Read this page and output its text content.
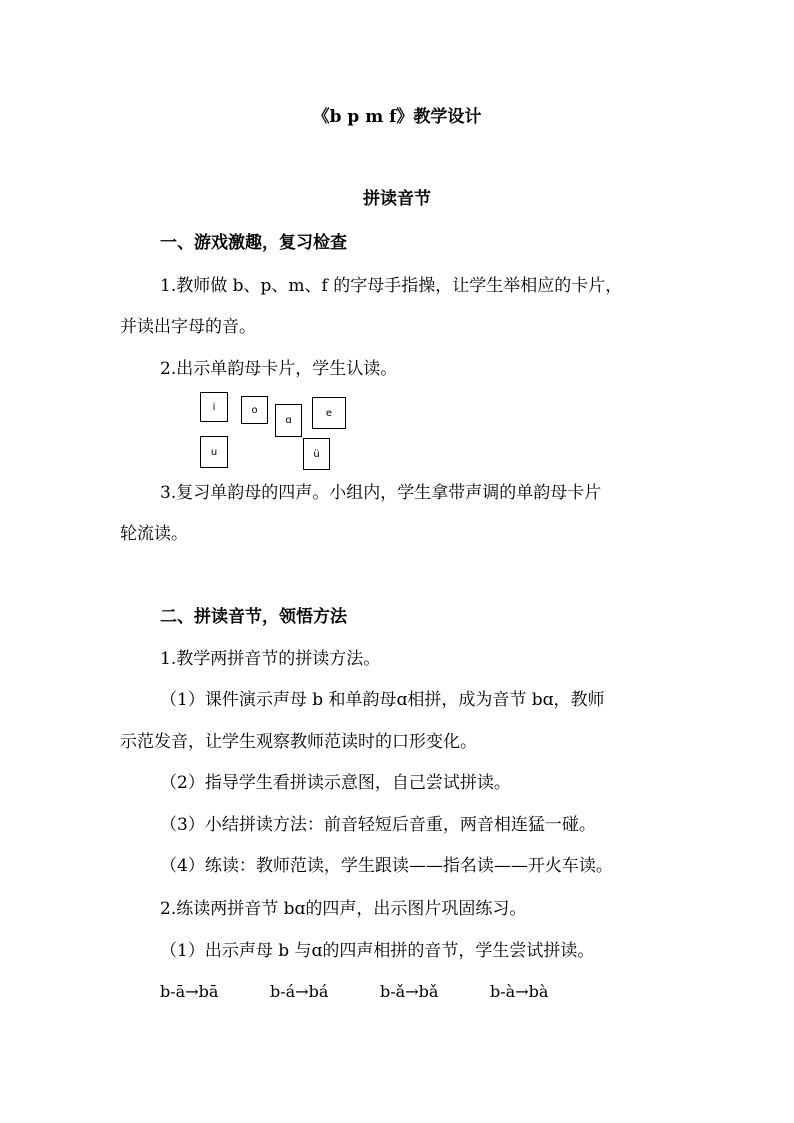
《b p m f》教学设计
拼读音节
一、游戏激趣，复习检查
1.教师做 b、p、m、f 的字母手指操，让学生举相应的卡片，
并读出字母的音。
2.出示单韵母卡片，学生认读。
i	o
ɑ
e
u	ü
3.复习单韵母的四声。小组内，学生拿带声调的单韵母卡片
轮流读。
二、拼读音节，领悟方法
1.教学两拼音节的拼读方法。
（1）课件演示声母 b 和单韵母ɑ相拼，成为音节 bɑ，教师
示范发音，让学生观察教师范读时的口形变化。
（2）指导学生看拼读示意图，自己尝试拼读。
（3）小结拼读方法：前音轻短后音重，两音相连猛一碰。
（4）练读：教师范读，学生跟读——指名读——开火车读。
2.练读两拼音节 bɑ的四声，出示图片巩固练习。
（1）出示声母 b 与ɑ的四声相拼的音节，学生尝试拼读。
b-ā→bā	b-á→bá	b-ǎ→bǎ	b-à→bà
